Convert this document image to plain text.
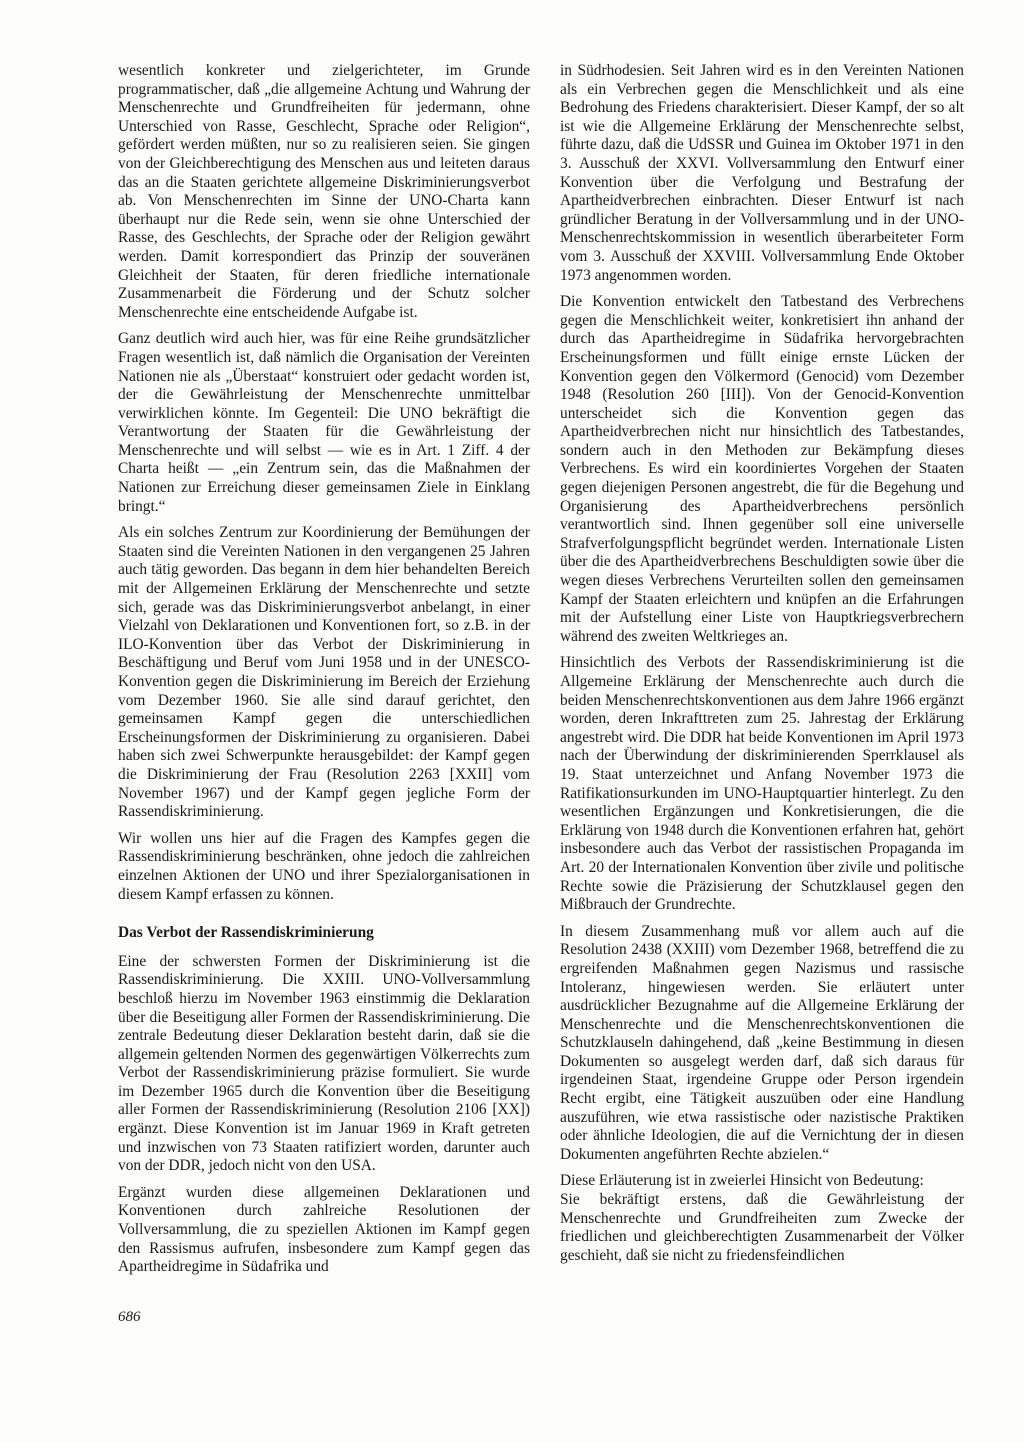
wesentlich konkreter und zielgerichteter, im Grunde programmatischer, daß „die allgemeine Achtung und Wahrung der Menschenrechte und Grundfreiheiten für jedermann, ohne Unterschied von Rasse, Geschlecht, Sprache oder Religion“, gefördert werden müßten, nur so zu realisieren seien. Sie gingen von der Gleichberechtigung des Menschen aus und leiteten daraus das an die Staaten gerichtete allgemeine Diskriminierungsverbot ab. Von Menschenrechten im Sinne der UNO-Charta kann überhaupt nur die Rede sein, wenn sie ohne Unterschied der Rasse, des Geschlechts, der Sprache oder der Religion gewährt werden. Damit korrespondiert das Prinzip der souveränen Gleichheit der Staaten, für deren friedliche internationale Zusammenarbeit die Förderung und der Schutz solcher Menschenrechte eine entscheidende Aufgabe ist.

Ganz deutlich wird auch hier, was für eine Reihe grundsätzlicher Fragen wesentlich ist, daß nämlich die Organisation der Vereinten Nationen nie als „Überstaat“ konstruiert oder gedacht worden ist, der die Gewährleistung der Menschenrechte unmittelbar verwirklichen könnte. Im Gegenteil: Die UNO bekräftigt die Verantwortung der Staaten für die Gewährleistung der Menschenrechte und will selbst — wie es in Art. 1 Ziff. 4 der Charta heißt — „ein Zentrum sein, das die Maßnahmen der Nationen zur Erreichung dieser gemeinsamen Ziele in Einklang bringt.“

Als ein solches Zentrum zur Koordinierung der Bemühungen der Staaten sind die Vereinten Nationen in den vergangenen 25 Jahren auch tätig geworden. Das begann in dem hier behandelten Bereich mit der Allgemeinen Erklärung der Menschenrechte und setzte sich, gerade was das Diskriminierungsverbot anbelangt, in einer Vielzahl von Deklarationen und Konventionen fort, so z.B. in der ILO-Konvention über das Verbot der Diskriminierung in Beschäftigung und Beruf vom Juni 1958 und in der UNESCO-Konvention gegen die Diskriminierung im Bereich der Erziehung vom Dezember 1960. Sie alle sind darauf gerichtet, den gemeinsamen Kampf gegen die unterschiedlichen Erscheinungsformen der Diskriminierung zu organisieren. Dabei haben sich zwei Schwerpunkte herausgebildet: der Kampf gegen die Diskriminierung der Frau (Resolution 2263 [XXII] vom November 1967) und der Kampf gegen jegliche Form der Rassendiskriminierung.

Wir wollen uns hier auf die Fragen des Kampfes gegen die Rassendiskriminierung beschränken, ohne jedoch die zahlreichen einzelnen Aktionen der UNO und ihrer Spezialorganisationen in diesem Kampf erfassen zu können.

Das Verbot der Rassendiskriminierung

Eine der schwersten Formen der Diskriminierung ist die Rassendiskriminierung. Die XXIII. UNO-Vollversammlung beschloß hierzu im November 1963 einstimmig die Deklaration über die Beseitigung aller Formen der Rassendiskriminierung. Die zentrale Bedeutung dieser Deklaration besteht darin, daß sie die allgemein geltenden Normen des gegenwärtigen Völkerrechts zum Verbot der Rassendiskriminierung präzise formuliert. Sie wurde im Dezember 1965 durch die Konvention über die Beseitigung aller Formen der Rassendiskriminierung (Resolution 2106 [XX]) ergänzt. Diese Konvention ist im Januar 1969 in Kraft getreten und inzwischen von 73 Staaten ratifiziert worden, darunter auch von der DDR, jedoch nicht von den USA.

Ergänzt wurden diese allgemeinen Deklarationen und Konventionen durch zahlreiche Resolutionen der Vollversammlung, die zu speziellen Aktionen im Kampf gegen den Rassismus aufrufen, insbesondere zum Kampf gegen das Apartheidregime in Südafrika und

in Südrhodesien. Seit Jahren wird es in den Vereinten Nationen als ein Verbrechen gegen die Menschlichkeit und als eine Bedrohung des Friedens charakterisiert. Dieser Kampf, der so alt ist wie die Allgemeine Erklärung der Menschenrechte selbst, führte dazu, daß die UdSSR und Guinea im Oktober 1971 in den 3. Ausschuß der XXVI. Vollversammlung den Entwurf einer Konvention über die Verfolgung und Bestrafung der Apartheidverbrechen einbrachten. Dieser Entwurf ist nach gründlicher Beratung in der Vollversammlung und in der UNO-Menschenrechtskommission in wesentlich überarbeiteter Form vom 3. Ausschuß der XXVIII. Vollversammlung Ende Oktober 1973 angenommen worden.

Die Konvention entwickelt den Tatbestand des Verbrechens gegen die Menschlichkeit weiter, konkretisiert ihn anhand der durch das Apartheidregime in Südafrika hervorgebrachten Erscheinungsformen und füllt einige ernste Lücken der Konvention gegen den Völkermord (Genocid) vom Dezember 1948 (Resolution 260 [III]). Von der Genocid-Konvention unterscheidet sich die Konvention gegen das Apartheidverbrechen nicht nur hinsichtlich des Tatbestandes, sondern auch in den Methoden zur Bekämpfung dieses Verbrechens. Es wird ein koordiniertes Vorgehen der Staaten gegen diejenigen Personen angestrebt, die für die Begehung und Organisierung des Apartheidverbrechens persönlich verantwortlich sind. Ihnen gegenüber soll eine universelle Strafverfolgungspflicht begründet werden. Internationale Listen über die des Apartheidverbrechens Beschuldigten sowie über die wegen dieses Verbrechens Verurteilten sollen den gemeinsamen Kampf der Staaten erleichtern und knüpfen an die Erfahrungen mit der Aufstellung einer Liste von Hauptkriegsverbrechern während des zweiten Weltkrieges an.

Hinsichtlich des Verbots der Rassendiskriminierung ist die Allgemeine Erklärung der Menschenrechte auch durch die beiden Menschenrechtskonventionen aus dem Jahre 1966 ergänzt worden, deren Inkrafttreten zum 25. Jahrestag der Erklärung angestrebt wird. Die DDR hat beide Konventionen im April 1973 nach der Überwindung der diskriminierenden Sperrklausel als 19. Staat unterzeichnet und Anfang November 1973 die Ratifikationsurkunden im UNO-Hauptquartier hinterlegt. Zu den wesentlichen Ergänzungen und Konkretisierungen, die die Erklärung von 1948 durch die Konventionen erfahren hat, gehört insbesondere auch das Verbot der rassistischen Propaganda im Art. 20 der Internationalen Konvention über zivile und politische Rechte sowie die Präzisierung der Schutzklausel gegen den Mißbrauch der Grundrechte.

In diesem Zusammenhang muß vor allem auch auf die Resolution 2438 (XXIII) vom Dezember 1968, betreffend die zu ergreifenden Maßnahmen gegen Nazismus und rassische Intoleranz, hingewiesen werden. Sie erläutert unter ausdrücklicher Bezugnahme auf die Allgemeine Erklärung der Menschenrechte und die Menschenrechtskonventionen die Schutzklauseln dahingehend, daß „keine Bestimmung in diesen Dokumenten so ausgelegt werden darf, daß sich daraus für irgendeinen Staat, irgendeine Gruppe oder Person irgendein Recht ergibt, eine Tätigkeit auszuüben oder eine Handlung auszuführen, wie etwa rassistische oder nazistische Praktiken oder ähnliche Ideologien, die auf die Vernichtung der in diesen Dokumenten angeführten Rechte abzielen.“

Diese Erläuterung ist in zweierlei Hinsicht von Bedeutung:

Sie bekräftigt erstens, daß die Gewährleistung der Menschenrechte und Grundfreiheiten zum Zwecke der friedlichen und gleichberechtigten Zusammenarbeit der Völker geschieht, daß sie nicht zu friedensfeindlichen

686
